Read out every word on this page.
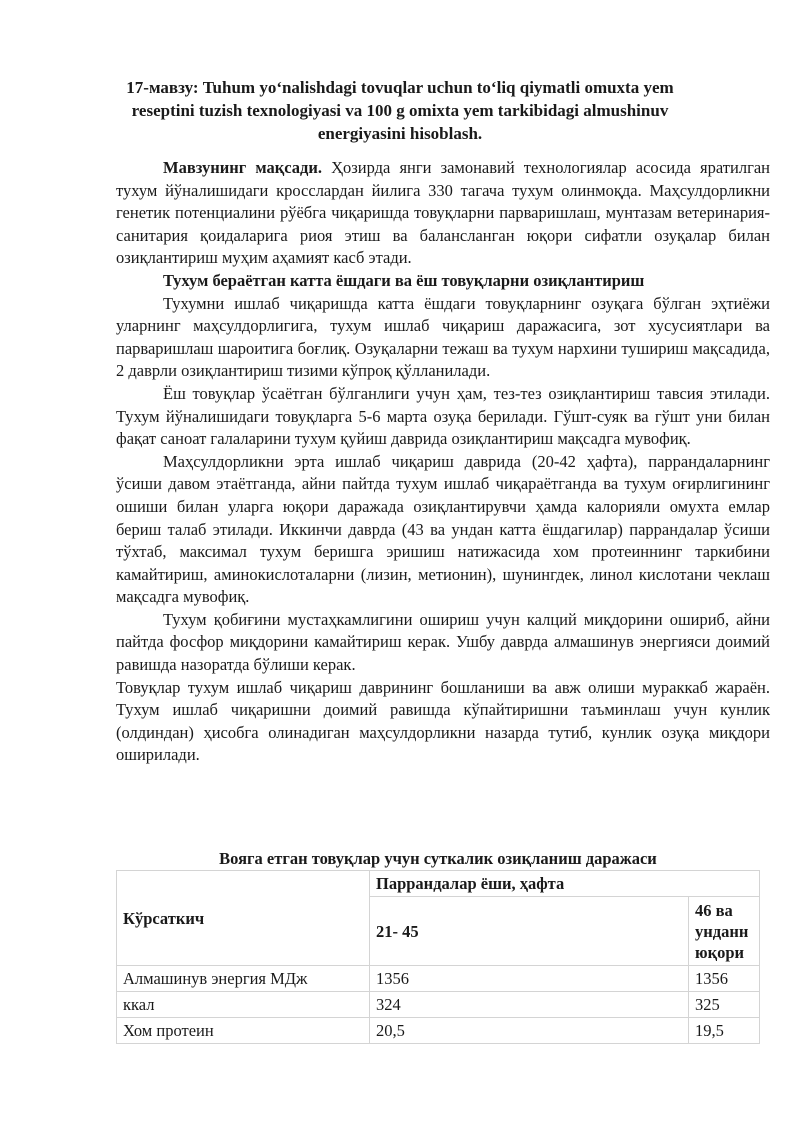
17-мавзу: Tuhum yo‘nalishdagi tovuqlar uchun to‘liq qiymatli omuxta yem reseptini tuzish texnologiyasi va 100 g omixta yem tarkibidagi almushinuv energiyasini hisoblash.

Мавзунинг мақсади. Ҳозирда янги замонавий технологиялар асосида яратилган тухум йўналишидаги кросслардан йилига 330 тагача тухум олинмоқда. Маҳсулдорликни генетик потенциалини рўёбга чиқаришда товуқларни парваришлаш, мунтазам ветеринария-санитария қоидаларига риоя этиш ва балансланган юқори сифатли озуқалар билан озиқлантириш муҳим аҳамият касб этади.

Тухум бераётган катта ёшдаги ва ёш товуқларни озиқлантириш

Тухумни ишлаб чиқаришда катта ёшдаги товуқларнинг озуқага бўлган эҳтиёжи уларнинг маҳсулдорлигига, тухум ишлаб чиқариш даражасига, зот хусусиятлари ва парваришлаш шароитига боғлиқ. Озуқаларни тежаш ва тухум нархини тушириш мақсадида, 2 даврли озиқлантириш тизими кўпроқ қўлланилади.

Ёш товуқлар ўсаётган бўлганлиги учун ҳам, тез-тез озиқлантириш тавсия этилади. Тухум йўналишидаги товуқларга 5-6 марта озуқа берилади. Гўшт-суяк ва гўшт уни билан фақат саноат галаларини тухум қуйиш даврида озиқлантириш мақсадга мувофиқ.

Маҳсулдорликни эрта ишлаб чиқариш даврида (20-42 ҳафта), паррандаларнинг ўсиши давом этаётганда, айни пайтда тухум ишлаб чиқараётганда ва тухум оғирлигининг ошиши билан уларга юқори даражада озиқлантирувчи ҳамда калорияли омухта емлар бериш талаб этилади. Иккинчи даврда (43 ва ундан катта ёшдагилар) паррандалар ўсиши тўхтаб, максимал тухум беришга эришиш натижасида хом протеиннинг таркибини камайтириш, аминокислоталарни (лизин, метионин), шунингдек, линол кислотани чеклаш мақсадга мувофиқ.

Тухум қобиғини мустаҳкамлигини ошириш учун калций миқдорини ошириб, айни пайтда фосфор миқдорини камайтириш керак. Ушбу даврда алмашинув энергияси доимий равишда назоратда бўлиши керак.

Товуқлар тухум ишлаб чиқариш даврининг бошланиши ва авж олиши мураккаб жараён. Тухум ишлаб чиқаришни доимий равишда кўпайтиришни таъминлаш учун кунлик (олдиндан) ҳисобга олинадиган маҳсулдорликни назарда тутиб, кунлик озуқа миқдори оширилади.

Вояга етган товуқлар учун суткалик озиқланиш даражаси
Кўрсаткич	Паррандалар ёши, ҳафта	
	21- 45	46 ва унданн юқори
Алмашинув энергия МДж	1356	1356
ккал	324	325
Хом протеин	20,5	19,5
